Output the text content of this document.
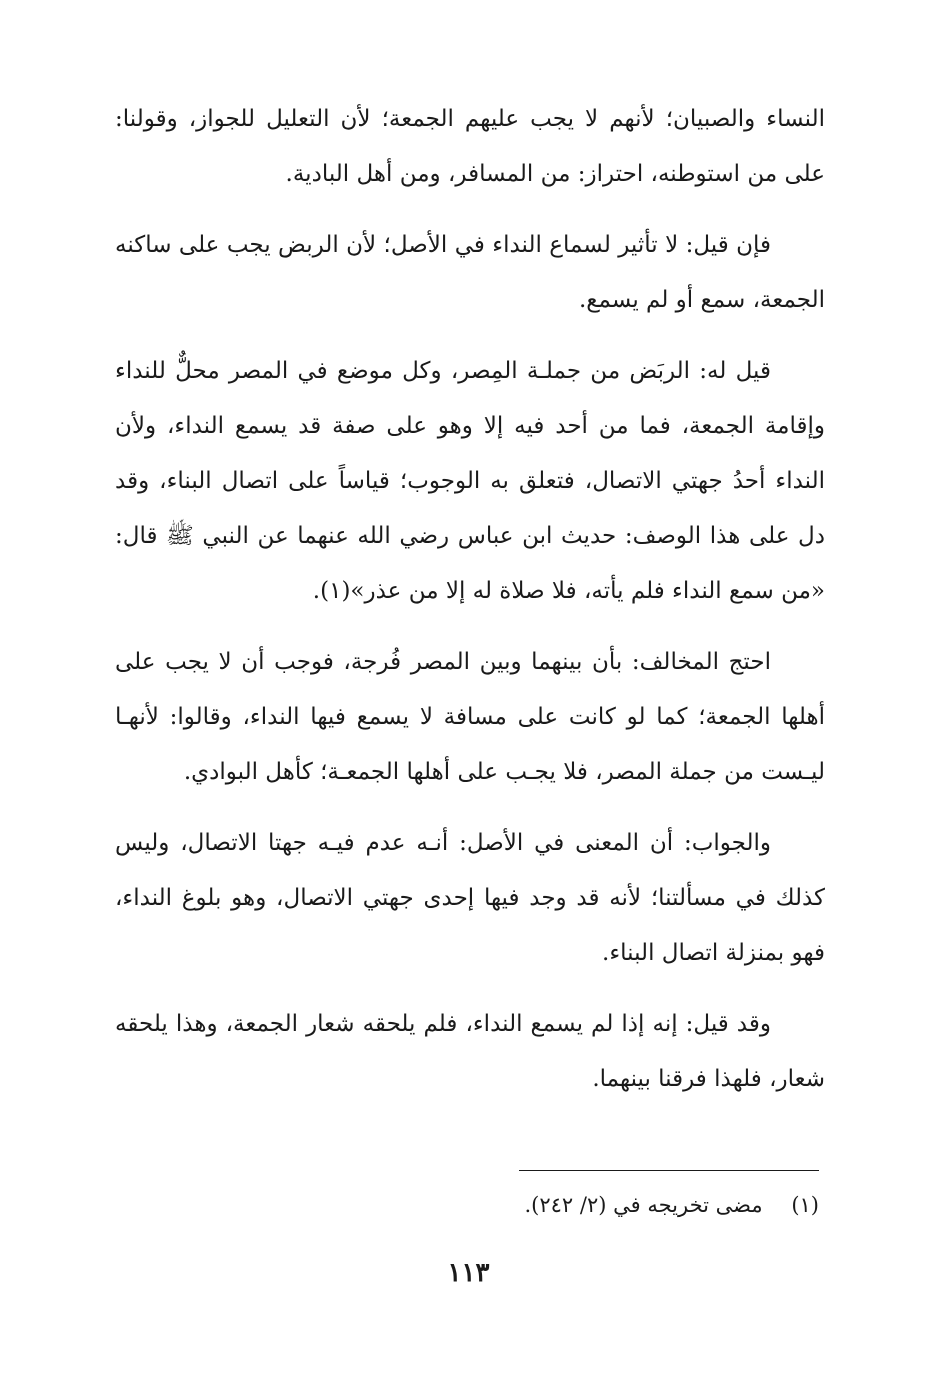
النساء والصبيان؛ لأنهم لا يجب عليهم الجمعة؛ لأن التعليل للجواز، وقولنا: على من استوطنه، احتراز: من المسافر، ومن أهل البادية.

فإن قيل: لا تأثير لسماع النداء في الأصل؛ لأن الربض يجب على ساكنه الجمعة، سمع أو لم يسمع.

قيل له: الربَض من جملـة المِصر، وكل موضع في المصر محلٌّ للنداء وإقامة الجمعة، فما من أحد فيه إلا وهو على صفة قد يسمع النداء، ولأن النداء أحدُ جهتي الاتصال، فتعلق به الوجوب؛ قياساً على اتصال البناء، وقد دل على هذا الوصف: حديث ابن عباس رضي الله عنهما عن النبي ﷺ قال: «من سمع النداء فلم يأته، فلا صلاة له إلا من عذر»(١).

احتج المخالف: بأن بينهما وبين المصر فُرجة، فوجب أن لا يجب على أهلها الجمعة؛ كما لو كانت على مسافة لا يسمع فيها النداء، وقالوا: لأنهـا ليـست من جملة المصر، فلا يجـب على أهلها الجمعـة؛ كأهل البوادي.

والجواب: أن المعنى في الأصل: أنـه عدم فيـه جهتا الاتصال، وليس كذلك في مسألتنا؛ لأنه قد وجد فيها إحدى جهتي الاتصال، وهو بلوغ النداء، فهو بمنزلة اتصال البناء.

وقد قيل: إنه إذا لم يسمع النداء، فلم يلحقه شعار الجمعة، وهذا يلحقه شعار، فلهذا فرقنا بينهما.

(١) مضى تخريجه في (٢/ ٢٤٢).
١١٣
